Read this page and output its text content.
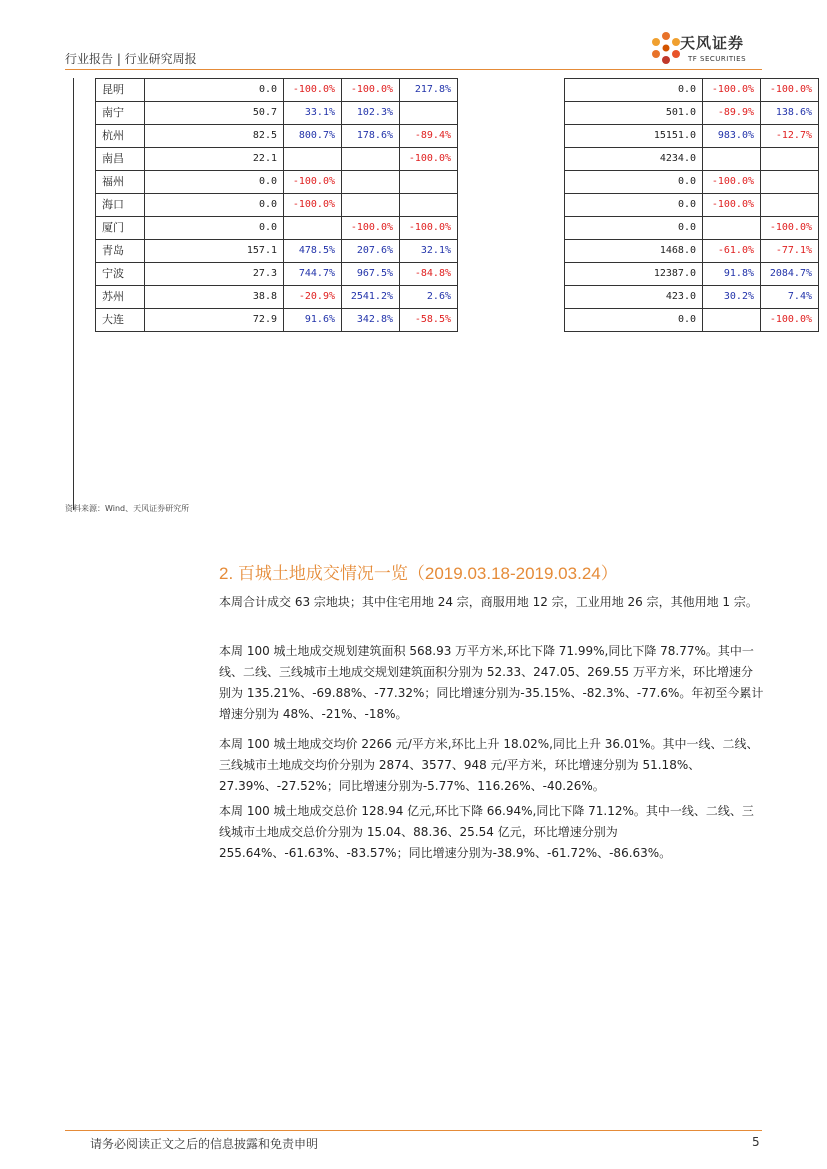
行业报告 | 行业研究周报
天风证券
TF SECURITIES
昆明	0.0	-100.0%	-100.0%	217.8%		0.0	-100.0%	-100.0%
南宁	50.7	33.1%	102.3%			501.0	-89.9%	138.6%
杭州	82.5	800.7%	178.6%	-89.4%		15151.0	983.0%	-12.7%
南昌	22.1			-100.0%		4234.0		
福州	0.0	-100.0%				0.0	-100.0%	
海口	0.0	-100.0%				0.0	-100.0%	
厦门	0.0		-100.0%	-100.0%		0.0		-100.0%
青岛	157.1	478.5%	207.6%	32.1%		1468.0	-61.0%	-77.1%
宁波	27.3	744.7%	967.5%	-84.8%		12387.0	91.8%	2084.7%
苏州	38.8	-20.9%	2541.2%	2.6%		423.0	30.2%	7.4%
大连	72.9	91.6%	342.8%	-58.5%		0.0		-100.0%
资料来源：Wind、天风证券研究所
2. 百城土地成交情况一览（2019.03.18-2019.03.24）
本周合计成交 63 宗地块；其中住宅用地 24 宗，商服用地 12 宗，工业用地 26 宗，其他用地 1 宗。
本周 100 城土地成交规划建筑面积 568.93 万平方米,环比下降 71.99%,同比下降 78.77%。其中一线、二线、三线城市土地成交规划建筑面积分别为 52.33、247.05、269.55 万平方米，环比增速分别为 135.21%、-69.88%、-77.32%；同比增速分别为-35.15%、-82.3%、-77.6%。年初至今累计增速分别为 48%、-21%、-18%。
本周 100 城土地成交均价 2266 元/平方米,环比上升 18.02%,同比上升 36.01%。其中一线、二线、三线城市土地成交均价分别为 2874、3577、948 元/平方米，环比增速分别为 51.18%、27.39%、-27.52%；同比增速分别为-5.77%、116.26%、-40.26%。
本周 100 城土地成交总价 128.94 亿元,环比下降 66.94%,同比下降 71.12%。其中一线、二线、三线城市土地成交总价分别为 15.04、88.36、25.54 亿元，环比增速分别为 255.64%、-61.63%、-83.57%；同比增速分别为-38.9%、-61.72%、-86.63%。
请务必阅读正文之后的信息披露和免责申明	5
